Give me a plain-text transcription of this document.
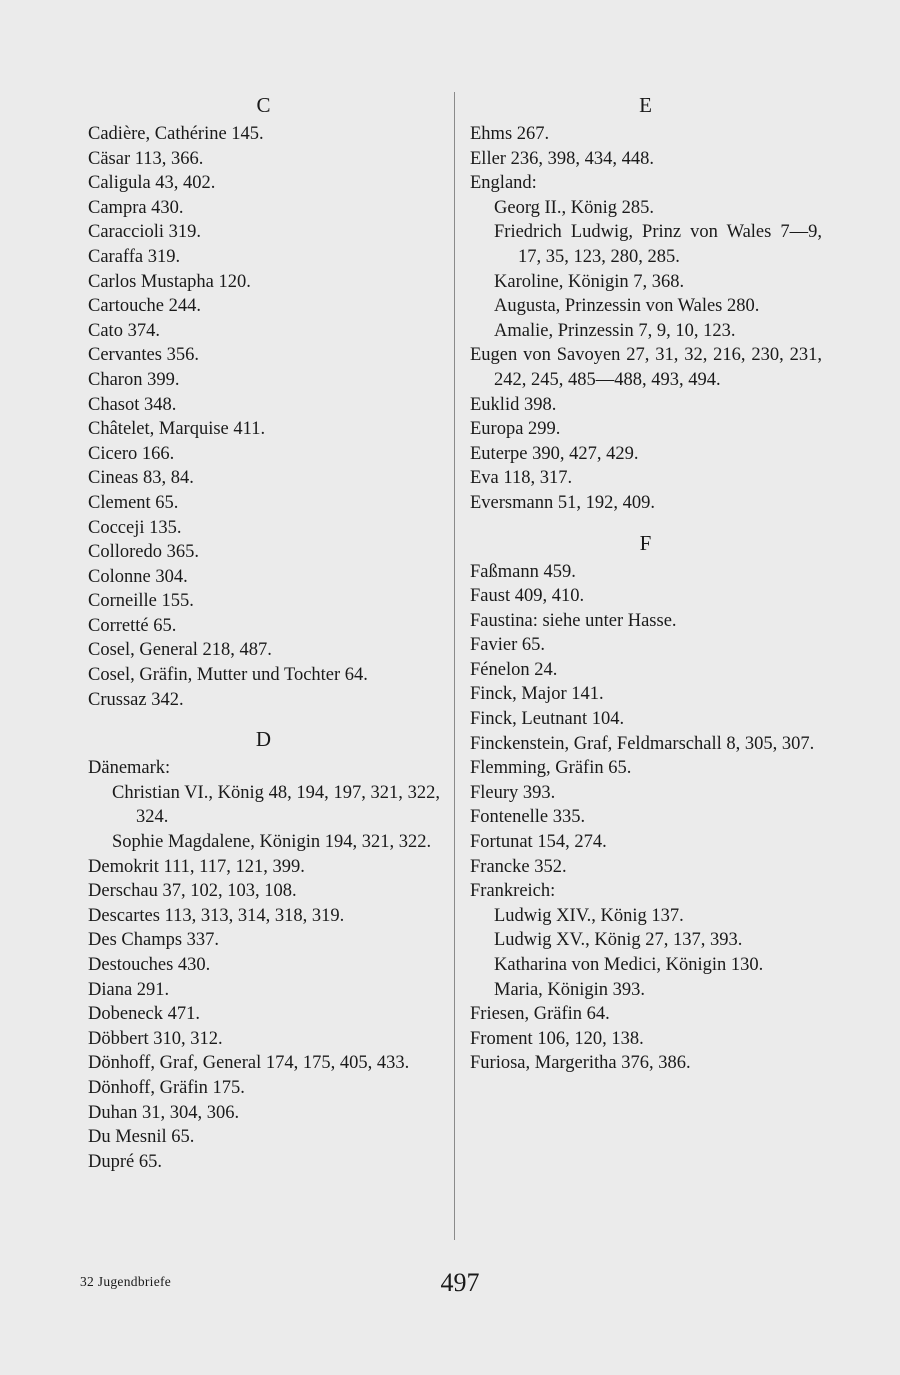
C
Cadière, Cathérine 145.
Cäsar 113, 366.
Caligula 43, 402.
Campra 430.
Caraccioli 319.
Caraffa 319.
Carlos Mustapha 120.
Cartouche 244.
Cato 374.
Cervantes 356.
Charon 399.
Chasot 348.
Châtelet, Marquise 411.
Cicero 166.
Cineas 83, 84.
Clement 65.
Cocceji 135.
Colloredo 365.
Colonne 304.
Corneille 155.
Corretté 65.
Cosel, General 218, 487.
Cosel, Gräfin, Mutter und Tochter 64.
Crussaz 342.
D
Dänemark:
Christian VI., König 48, 194, 197, 321, 322, 324.
Sophie Magdalene, Königin 194, 321, 322.
Demokrit 111, 117, 121, 399.
Derschau 37, 102, 103, 108.
Descartes 113, 313, 314, 318, 319.
Des Champs 337.
Destouches 430.
Diana 291.
Dobeneck 471.
Döbbert 310, 312.
Dönhoff, Graf, General 174, 175, 405, 433.
Dönhoff, Gräfin 175.
Duhan 31, 304, 306.
Du Mesnil 65.
Dupré 65.
E
Ehms 267.
Eller 236, 398, 434, 448.
England:
Georg II., König 285.
Friedrich Ludwig, Prinz von Wales 7—9, 17, 35, 123, 280, 285.
Karoline, Königin 7, 368.
Augusta, Prinzessin von Wales 280.
Amalie, Prinzessin 7, 9, 10, 123.
Eugen von Savoyen 27, 31, 32, 216, 230, 231, 242, 245, 485—488, 493, 494.
Euklid 398.
Europa 299.
Euterpe 390, 427, 429.
Eva 118, 317.
Eversmann 51, 192, 409.
F
Faßmann 459.
Faust 409, 410.
Faustina: siehe unter Hasse.
Favier 65.
Fénelon 24.
Finck, Major 141.
Finck, Leutnant 104.
Finckenstein, Graf, Feldmarschall 8, 305, 307.
Flemming, Gräfin 65.
Fleury 393.
Fontenelle 335.
Fortunat 154, 274.
Francke 352.
Frankreich:
Ludwig XIV., König 137.
Ludwig XV., König 27, 137, 393.
Katharina von Medici, Königin 130.
Maria, Königin 393.
Friesen, Gräfin 64.
Froment 106, 120, 138.
Furiosa, Margeritha 376, 386.
32 Jugendbriefe	497
